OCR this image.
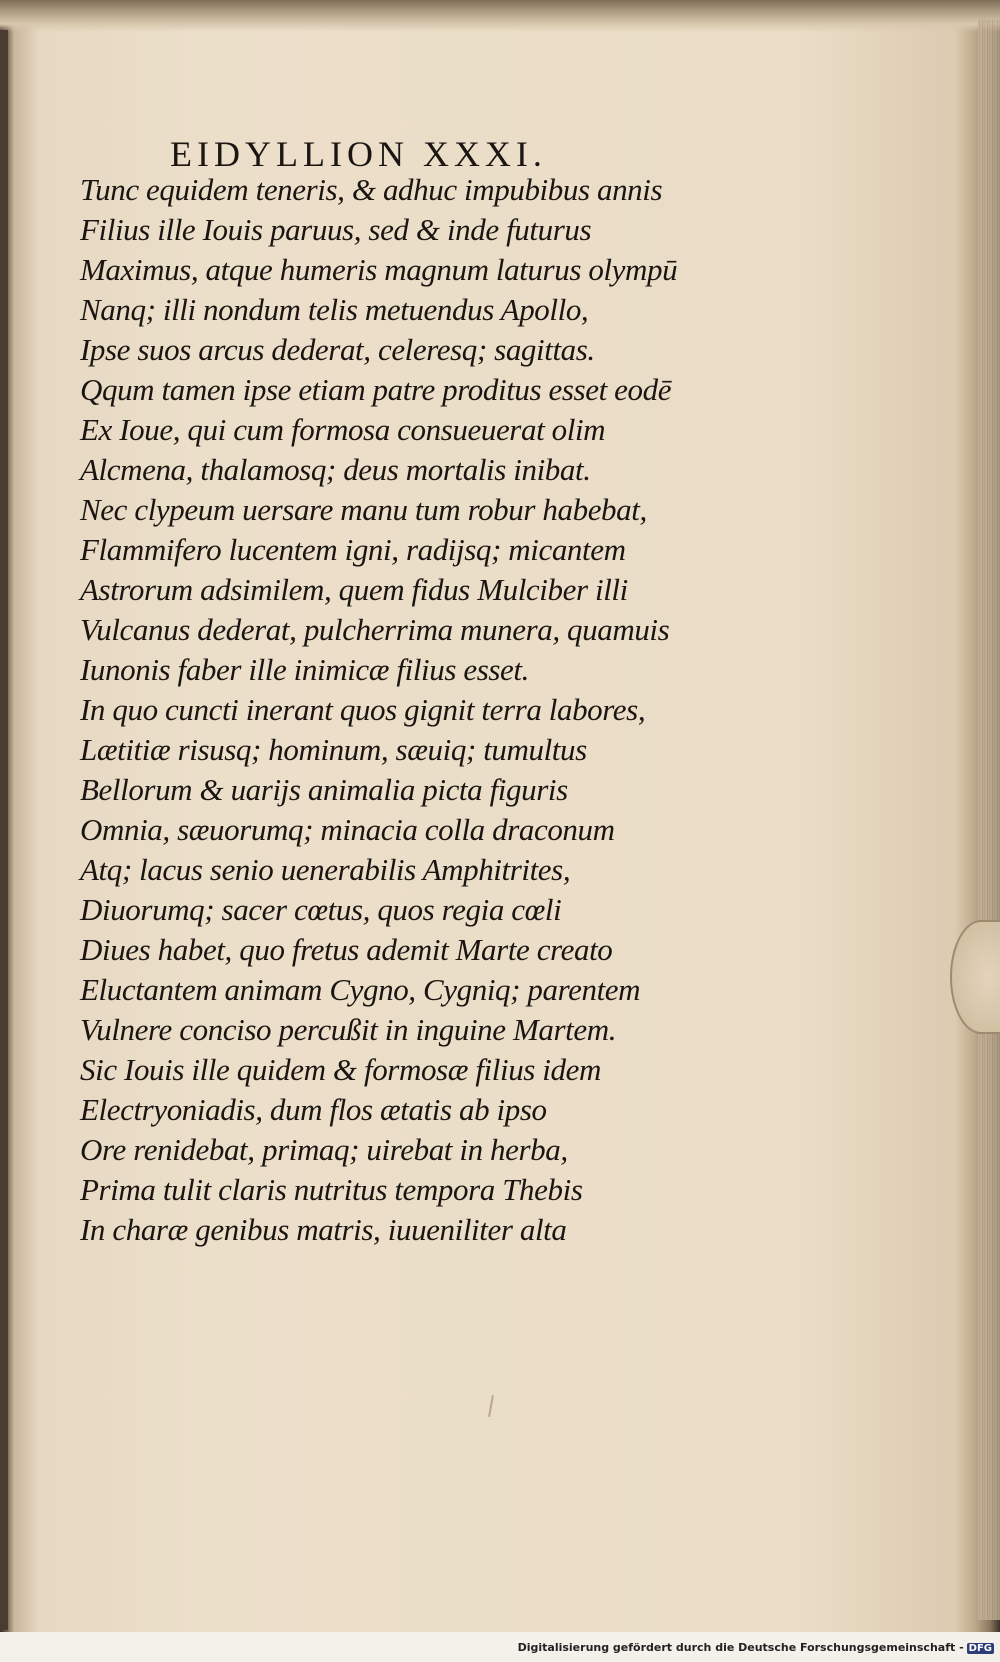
EIDYLLION XXXI.
Tunc equidem teneris, & adhuc impubibus annis
Filius ille Iouis paruus, sed & inde futurus
Maximus, atque humeris magnum laturus olympū
Nanq; illi nondum telis metuendus Apollo,
Ipse suos arcus dederat, celeresq; sagittas.
Qqum tamen ipse etiam patre proditus esset eodē
Ex Ioue, qui cum formosa consueuerat olim
Alcmena, thalamosq; deus mortalis inibat.
Nec clypeum uersare manu tum robur habebat,
Flammifero lucentem igni, radijsq; micantem
Astrorum adsimilem, quem fidus Mulciber illi
Vulcanus dederat, pulcherrima munera, quamuis
Iunonis faber ille inimicæ filius esset.
In quo cuncti inerant quos gignit terra labores,
Lætitiæ risusq; hominum, sæuiq; tumultus
Bellorum & uarijs animalia picta figuris
Omnia, sæuorumq; minacia colla draconum
Atq; lacus senio uenerabilis Amphitrites,
Diuorumq; sacer cœtus, quos regia cœli
Diues habet, quo fretus ademit Marte creato
Eluctantem animam Cygno, Cygniq; parentem
Vulnere conciso percußit in inguine Martem.
Sic Iouis ille quidem & formosæ filius idem
Electryoniadis, dum flos ætatis ab ipso
Ore renidebat, primaq; uirebat in herba,
Prima tulit claris nutritus tempora Thebis
In charæ genibus matris, iuueniliter alta
Digitalisierung gefördert durch die Deutsche Forschungsgemeinschaft - DFG
